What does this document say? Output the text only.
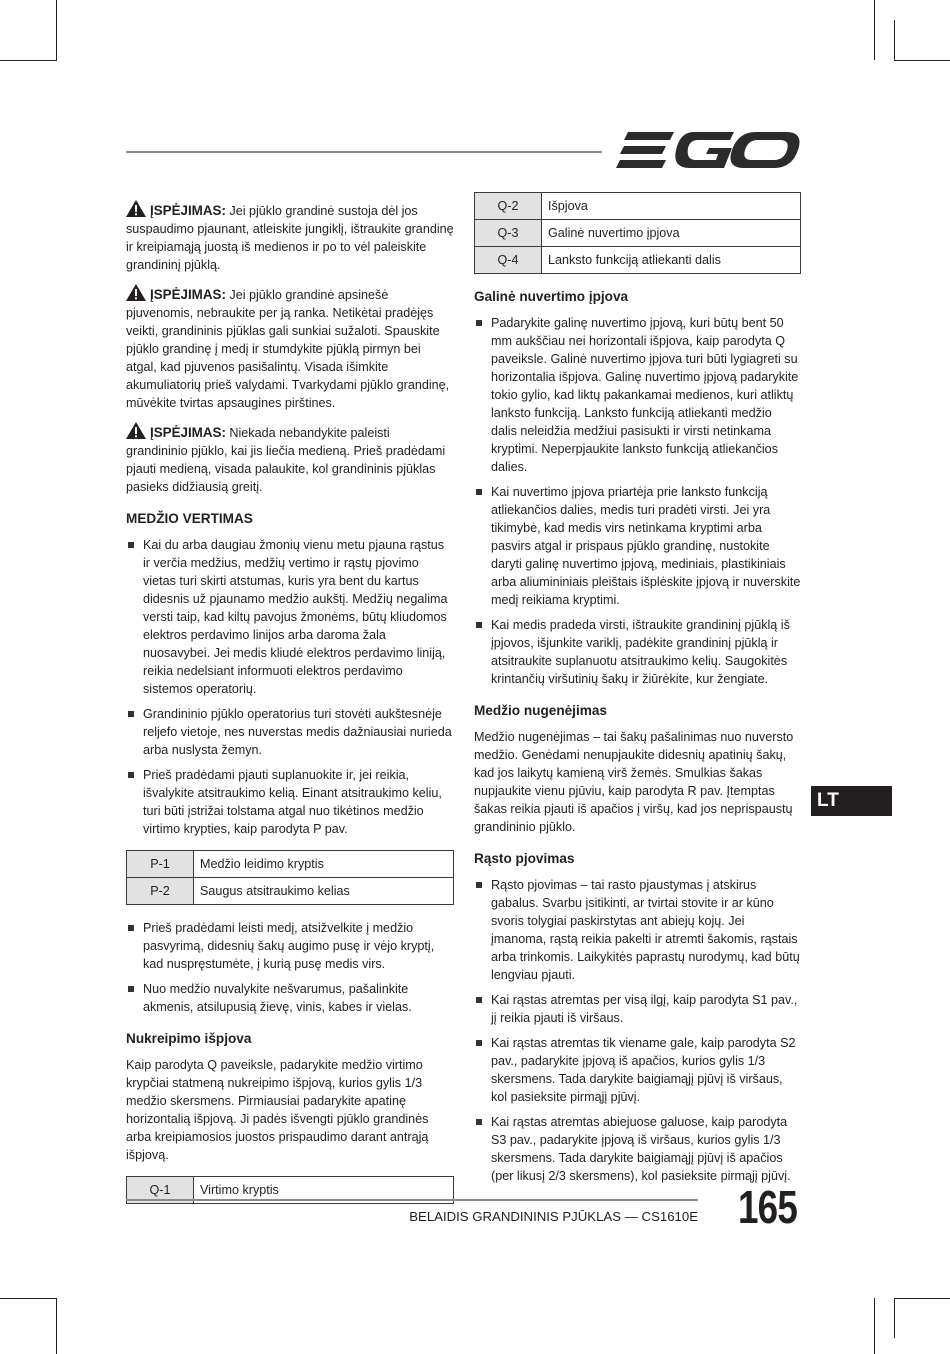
EGO

ĮSPĖJIMAS: Jei pjūklo grandinė sustoja dėl jos suspaudimo pjaunant, atleiskite jungiklį, ištraukite grandinę ir kreipiamąją juostą iš medienos ir po to vėl paleiskite grandininį pjūklą.

ĮSPĖJIMAS: Jei pjūklo grandinė apsinešė pjuvenomis, nebraukite per ją ranka. Netikėtai pradėjęs veikti, grandininis pjūklas gali sunkiai sužaloti. Spauskite pjūklo grandinę į medį ir stumdykite pjūklą pirmyn bei atgal, kad pjuvenos pasišalintų. Visada išimkite akumuliatorių prieš valydami. Tvarkydami pjūklo grandinę, mūvėkite tvirtas apsaugines pirštines.

ĮSPĖJIMAS: Niekada nebandykite paleisti grandininio pjūklo, kai jis liečia medieną. Prieš pradėdami pjauti medieną, visada palaukite, kol grandininis pjūklas pasieks didžiausią greitį.

MEDŽIO VERTIMAS
Kai du arba daugiau žmonių vienu metu pjauna rąstus ir verčia medžius, medžių vertimo ir rąstų pjovimo vietas turi skirti atstumas, kuris yra bent du kartus didesnis už pjaunamo medžio aukštį. Medžių negalima versti taip, kad kiltų pavojus žmonėms, būtų kliudomos elektros perdavimo linijos arba daroma žala nuosavybei. Jei medis kliudė elektros perdavimo liniją, reikia nedelsiant informuoti elektros perdavimo sistemos operatorių.
Grandininio pjūklo operatorius turi stovėti aukštesnėje reljefo vietoje, nes nuverstas medis dažniausiai nurieda arba nuslysta žemyn.
Prieš pradėdami pjauti suplanuokite ir, jei reikia, išvalykite atsitraukimo kelią. Einant atsitraukimo keliu, turi būti įstrižai tolstama atgal nuo tikėtinos medžio virtimo krypties, kaip parodyta P pav.
P-1	Medžio leidimo kryptis
P-2	Saugus atsitraukimo kelias
Prieš pradėdami leisti medį, atsižvelkite į medžio pasvyrimą, didesnių šakų augimo pusę ir vėjo kryptį, kad nuspręstumėte, į kurią pusę medis virs.
Nuo medžio nuvalykite nešvarumus, pašalinkite akmenis, atsilupusią žievę, vinis, kabes ir vielas.
Nukreipimo išpjova

Kaip parodyta Q paveiksle, padarykite medžio virtimo krypčiai statmeną nukreipimo išpjovą, kurios gylis 1/3 medžio skersmens. Pirmiausiai padarykite apatinę horizontalią išpjovą. Ji padės išvengti pjūklo grandinės arba kreipiamosios juostos prispaudimo darant antrąją išpjovą.

Q-1	Virtimo kryptis
Q-2	Išpjova
Q-3	Galinė nuvertimo įpjova
Q-4	Lanksto funkciją atliekanti dalis
Galinė nuvertimo įpjova
Padarykite galinę nuvertimo įpjovą, kuri būtų bent 50 mm aukščiau nei horizontali išpjova, kaip parodyta Q paveiksle. Galinė nuvertimo įpjova turi būti lygiagreti su horizontalia išpjova. Galinę nuvertimo įpjovą padarykite tokio gylio, kad liktų pakankamai medienos, kuri atliktų lanksto funkciją. Lanksto funkciją atliekanti medžio dalis neleidžia medžiui pasisukti ir virsti netinkama kryptimi. Neperpjaukite lanksto funkciją atliekančios dalies.
Kai nuvertimo įpjova priartėja prie lanksto funkciją atliekančios dalies, medis turi pradėti virsti. Jei yra tikimybė, kad medis virs netinkama kryptimi arba pasvirs atgal ir prispaus pjūklo grandinę, nustokite daryti galinę nuvertimo įpjovą, mediniais, plastikiniais arba aliumininiais pleištais išplėskite įpjovą ir nuverskite medį reikiama kryptimi.
Kai medis pradeda virsti, ištraukite grandininį pjūklą iš įpjovos, išjunkite variklį, padėkite grandininį pjūklą ir atsitraukite suplanuotu atsitraukimo kelių. Saugokitės krintančių viršutinių šakų ir žiūrėkite, kur žengiate.
Medžio nugenėjimas

Medžio nugenėjimas – tai šakų pašalinimas nuo nuversto medžio. Genėdami nenupjaukite didesnių apatinių šakų, kad jos laikytų kamieną virš žemės. Smulkias šakas nupjaukite vienu pjūviu, kaip parodyta R pav. Įtemptas šakas reikia pjauti iš apačios į viršų, kad jos neprispaustų grandininio pjūklo.

Rąsto pjovimas
Rąsto pjovimas – tai rasto pjaustymas į atskirus gabalus. Svarbu įsitikinti, ar tvirtai stovite ir ar kūno svoris tolygiai paskirstytas ant abiejų kojų. Jei įmanoma, rąstą reikia pakelti ir atremti šakomis, rąstais arba trinkomis. Laikykitės paprastų nurodymų, kad būtų lengviau pjauti.
Kai rąstas atremtas per visą ilgį, kaip parodyta S1 pav., jį reikia pjauti iš viršaus.
Kai rąstas atremtas tik viename gale, kaip parodyta S2 pav., padarykite įpjovą iš apačios, kurios gylis 1/3 skersmens. Tada darykite baigiamąjį pjūvį iš viršaus, kol pasieksite pirmąjį pjūvį.
Kai rąstas atremtas abiejuose galuose, kaip parodyta S3 pav., padarykite įpjovą iš viršaus, kurios gylis 1/3 skersmens. Tada darykite baigiamąjį pjūvį iš apačios (per likusį 2/3 skersmens), kol pasieksite pirmąjį pjūvį.
LT
BELAIDIS GRANDININIS PJŪKLAS — CS1610E 165
